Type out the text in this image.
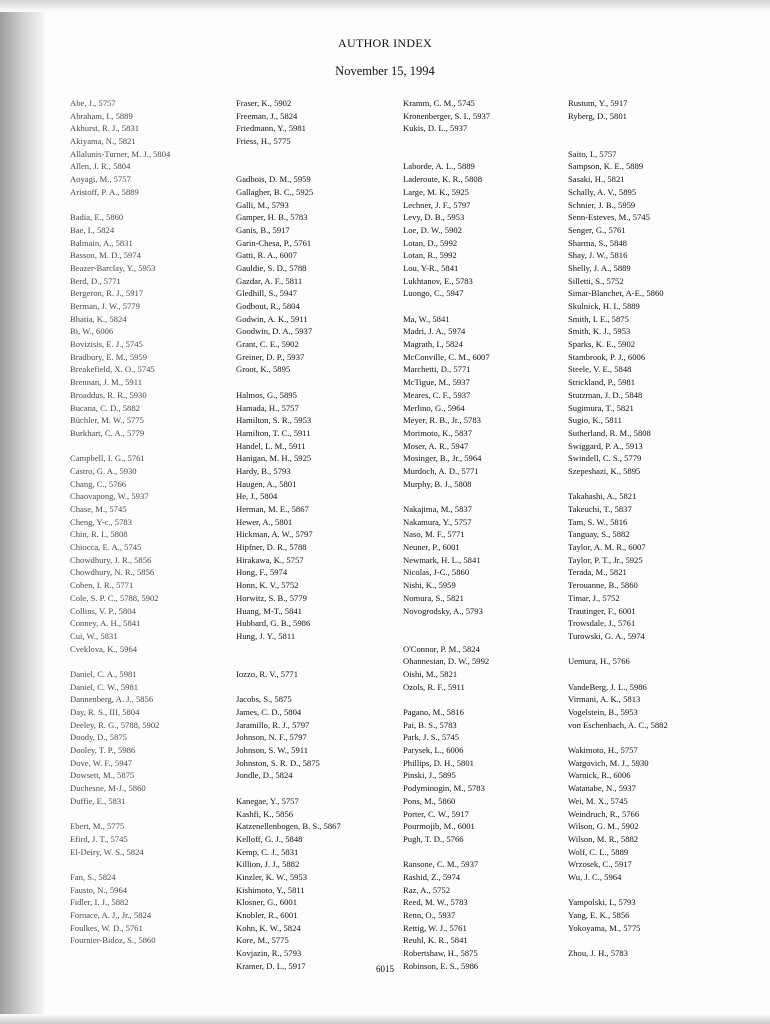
AUTHOR INDEX
November 15, 1994
Abe, J., 5757
Abraham, I., 5889
Akhurst, R. J., 5831
Akiyama, N., 5821
Allalunis-Turner, M. J., 5804
Allen, J. R., 5804
Aoyagi, M., 5757
Aristoff, P. A., 5889
Badia, E., 5860
Bae, I., 5824
Balmain, A., 5831
Basson, M. D., 5974
Beazer-Barclay, Y., 5953
Berd, D., 5771
Bergeron, R. J., 5917
Berman, J. W., 5779
Bhatia, K., 5824
Bi, W., 6006
Bovizisis, E. J., 5745
Bradbury, E. M., 5959
Breakefield, X. O., 5745
Brennan, J. M., 5911
Broaddus, R. R., 5930
Bucana, C. D., 5882
Büchler, M. W., 5775
Burkhart, C. A., 5779
Campbell, I. G., 5761
Castro, G. A., 5930
Chang, C., 5766
Chaovapong, W., 5937
Chase, M., 5745
Cheng, Y-c., 5783
Chin, R. I., 5808
Chiocca, E. A., 5745
Chowdhury, J. R., 5856
Chowdhury, N. R., 5856
Cohen, I. R., 5771
Cole, S. P. C., 5788, 5902
Collins, V. P., 5804
Conney, A. H., 5841
Cui, W., 5831
Cveklova, K., 5964
Daniel, C. A., 5981
Daniel, C. W., 5981
Dannenberg, A. J., 5856
Day, R. S., III, 5804
Deeley, R. G., 5788, 5902
Doody, D., 5875
Dooley, T. P., 5986
Dove, W. F., 5947
Dowsett, M., 5875
Duchesne, M-J., 5860
Duffie, E., 5831
Ebert, M., 5775
Efird, J. T., 5745
El-Deiry, W. S., 5824
Fan, S., 5824
Fausto, N., 5964
Fidler, I. J., 5882
Fornace, A. J., Jr., 5824
Foulkes, W. D., 5761
Fournier-Bidoz, S., 5860
Fraser, K., 5902
Freeman, J., 5824
Friedmann, Y., 5981
Friess, H., 5775
Gadbois, D. M., 5959
Gallagher, B. C., 5925
Galli, M., 5793
Gamper, H. B., 5783
Ganis, B., 5917
Garin-Chesa, P., 5761
Gatti, R. A., 6007
Gauldie, S. D., 5788
Gazdar, A. F., 5811
Gledhill, S., 5947
Godbout, R., 5804
Godwin, A. K., 5911
Goodwin, D. A., 5937
Grant, C. E., 5902
Greiner, D. P., 5937
Groot, K., 5895
Halmos, G., 5895
Hamada, H., 5757
Hamilton, S. R., 5953
Hamilton, T. C., 5911
Handel, L. M., 5911
Hanigan, M. H., 5925
Hardy, B., 5793
Haugen, A., 5801
He, J., 5804
Herman, M. E., 5867
Hewer, A., 5801
Hickman, A. W., 5797
Hipfner, D. R., 5788
Hirakawa, K., 5757
Hong, F., 5974
Honn, K. V., 5752
Horwitz, S. B., 5779
Huang, M-T., 5841
Hubbard, G. B., 5986
Hung, J. Y., 5811
Iozzo, R. V., 5771
Jacobs, S., 5875
James, C. D., 5804
Jaramillo, R. J., 5797
Johnson, N. F., 5797
Johnson, S. W., 5911
Johnston, S. R. D., 5875
Jondle, D., 5824
Kanegae, Y., 5757
Kashfi, K., 5856
Katzenellenbogen, B. S., 5867
Kelloff, G. J., 5848
Kemp, C. J., 5831
Killion, J. J., 5882
Kinzler, K. W., 5953
Kishimoto, Y., 5811
Klosner, G., 6001
Knobler, R., 6001
Kohn, K. W., 5824
Kore, M., 5775
Kovjazin, R., 5793
Kramer, D. L., 5917
Kramm, C. M., 5745
Kronenberger, S. I., 5937
Kukis, D. L., 5937
Laborde, A. L., 5889
Laderoute, K. R., 5808
Large, M. K., 5925
Lechner, J. F., 5797
Levy, D. B., 5953
Loe, D. W., 5902
Lotan, D., 5992
Lotan, R., 5992
Lou, Y-R., 5841
Lukhtanov, E., 5783
Luongo, C., 5947
Ma, W., 5841
Madri, J. A., 5974
Magrath, I., 5824
McConville, C. M., 6007
Marchetti, D., 5771
McTigue, M., 5937
Meares, C. F., 5937
Merlino, G., 5964
Meyer, R. B., Jr., 5783
Morimoto, K., 5837
Moser, A. R., 5947
Mosinger, B., Jr., 5964
Murdoch, A. D., 5771
Murphy, B. J., 5808
Nakajima, M., 5837
Nakamura, Y., 5757
Naso, M. F., 5771
Neuner, P., 6001
Newmark, H. L., 5841
Nicolas, J-C., 5860
Nishi, K., 5959
Nomura, S., 5821
Novogrodsky, A., 5793
O'Connor, P. M., 5824
Ohannesian, D. W., 5992
Oishi, M., 5821
Ozols, R. F., 5911
Pagano, M., 5816
Pai, B. S., 5783
Park, J. S., 5745
Parysek, L., 6006
Phillips, D. H., 5801
Pinski, J., 5895
Podyminogin, M., 5783
Pons, M., 5860
Porter, C. W., 5917
Pourmojib, M., 6001
Pugh, T. D., 5766
Ransone, C. M., 5937
Rashid, Z., 5974
Raz, A., 5752
Reed, M. W., 5783
Renn, O., 5937
Rettig, W. J., 5761
Reuhl, K. R., 5841
Robertshaw, H., 5875
Robinson, E. S., 5986
Rustum, Y., 5917
Ryberg, D., 5801
Saito, I., 5757
Sampson, K. E., 5889
Sasaki, H., 5821
Schally, A. V., 5895
Schnier, J. B., 5959
Senn-Esteves, M., 5745
Senger, G., 5761
Sharma, S., 5848
Shay, J. W., 5816
Shelly, J. A., 5889
Silletti, S., 5752
Simar-Blanchet, A-E., 5860
Skulnick, H. I., 5889
Smith, I. E., 5875
Smith, K. J., 5953
Sparks, K. E., 5902
Stambrook, P. J., 6006
Steele, V. E., 5848
Strickland, P., 5981
Stutzman, J. D., 5848
Sugimura, T., 5821
Sugio, K., 5811
Sutherland, R. M., 5808
Swiggard, P. A., 5913
Swindell, C. S., 5779
Szepeshazi, K., 5895
Takahashi, A., 5821
Takeuchi, T., 5837
Tam, S. W., 5816
Tanguay, S., 5882
Taylor, A. M. R., 6007
Taylor, P. T., Jr., 5925
Terada, M., 5821
Terouanne, B., 5860
Timar, J., 5752
Trautinger, F., 6001
Trowsdale, J., 5761
Turowski, G. A., 5974
Uemura, H., 5766
VandeBerg, J. L., 5986
Virmani, A. K., 5813
Vogelstein, B., 5953
von Eschenbach, A. C., 5882
Wakimoto, H., 5757
Wargovich, M. J., 5930
Warnick, R., 6006
Watanabe, N., 5937
Wei, M. X., 5745
Weindruch, R., 5766
Wilson, G. M., 5902
Wilson, M. R., 5882
Wolf, C. L., 5889
Wrzosek, C., 5917
Wu, J. C., 5964
Yampolski, I., 5793
Yang, E. K., 5856
Yokoyama, M., 5775
Zhou, J. H., 5783
6015
